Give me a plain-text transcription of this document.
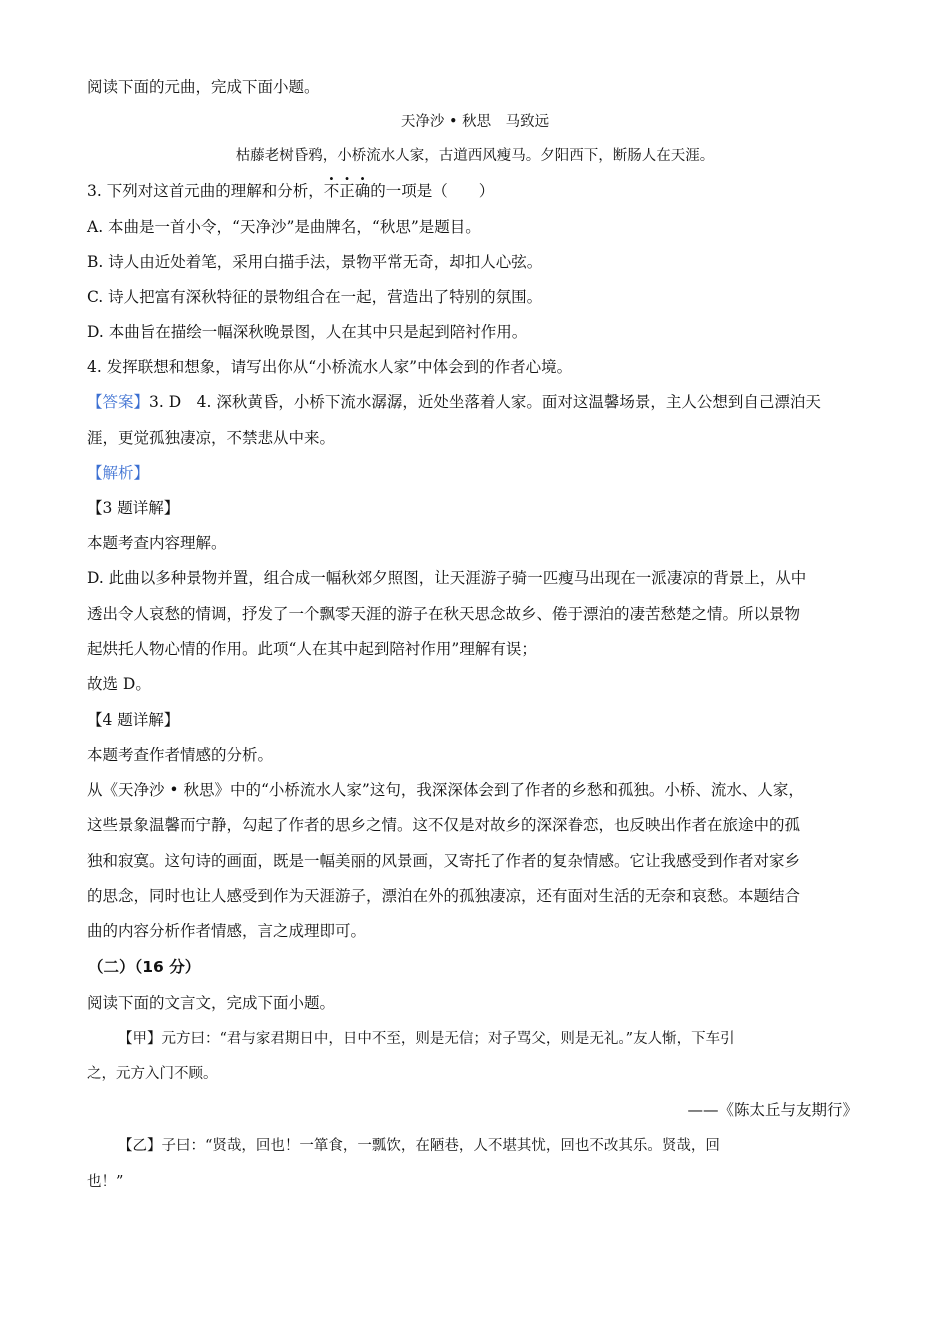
阅读下面的元曲，完成下面小题。
天净沙 • 秋思　马致远
枯藤老树昏鸦，小桥流水人家，古道西风瘦马。夕阳西下，断肠人在天涯。
3. 下列对这首元曲的理解和分析，不正确的一项是（　　）
A. 本曲是一首小令，“天净沙”是曲牌名，“秋思”是题目。
B. 诗人由近处着笔，采用白描手法，景物平常无奇，却扣人心弦。
C. 诗人把富有深秋特征的景物组合在一起，营造出了特别的氛围。
D. 本曲旨在描绘一幅深秋晚景图，人在其中只是起到陪衬作用。
4. 发挥联想和想象，请写出你从“小桥流水人家”中体会到的作者心境。
【答案】3. D　4. 深秋黄昏，小桥下流水潺潺，近处坐落着人家。面对这温馨场景，主人公想到自己漂泊天
涯，更觉孤独凄凉，不禁悲从中来。
【解析】
【3 题详解】
本题考查内容理解。
D. 此曲以多种景物并置，组合成一幅秋郊夕照图，让天涯游子骑一匹瘦马出现在一派凄凉的背景上，从中
透出令人哀愁的情调，抒发了一个飘零天涯的游子在秋天思念故乡、倦于漂泊的凄苦愁楚之情。所以景物
起烘托人物心情的作用。此项“人在其中起到陪衬作用”理解有误；
故选 D。
【4 题详解】
本题考查作者情感的分析。
从《天净沙 • 秋思》中的“小桥流水人家”这句，我深深体会到了作者的乡愁和孤独。小桥、流水、人家，
这些景象温馨而宁静，勾起了作者的思乡之情。这不仅是对故乡的深深眷恋，也反映出作者在旅途中的孤
独和寂寞。这句诗的画面，既是一幅美丽的风景画，又寄托了作者的复杂情感。它让我感受到作者对家乡
的思念，同时也让人感受到作为天涯游子，漂泊在外的孤独凄凉，还有面对生活的无奈和哀愁。本题结合
曲的内容分析作者情感，言之成理即可。
（二）（16 分）
阅读下面的文言文，完成下面小题。
【甲】元方曰：“君与家君期日中，日中不至，则是无信；对子骂父，则是无礼。”友人惭，下车引
之，元方入门不顾。
——《陈太丘与友期行》
【乙】子曰：“贤哉，回也！一箪食，一瓢饮，在陋巷，人不堪其忧，回也不改其乐。贤哉，回
也！”
